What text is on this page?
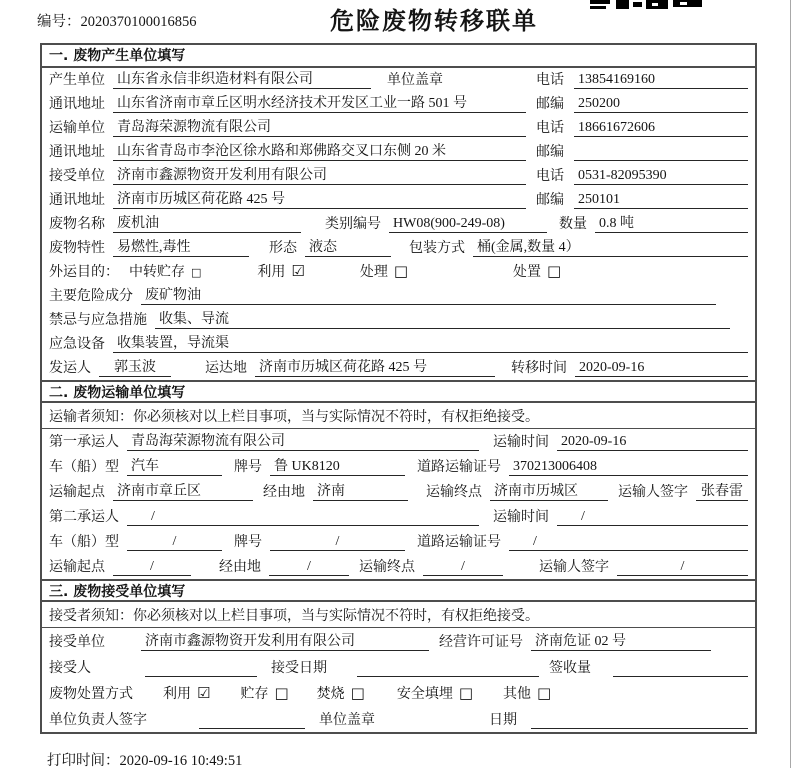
编号：2020370100016856	危险废物转移联单
一. 废物产生单位填写
产生单位 山东省永信非织造材料有限公司	单位盖章	电话 13854169160
通讯地址 山东省济南市章丘区明水经济技术开发区工业一路 501 号	邮编 250200
运输单位 青岛海荣源物流有限公司	电话 18661672606
通讯地址 山东省青岛市李沧区徐水路和郑佛路交叉口东侧 20 米	邮编
接受单位 济南市鑫源物资开发利用有限公司	电话 0531-82095390
通讯地址 济南市历城区荷花路 425 号	邮编 250101
废物名称 废机油	类别编号 HW08(900-249-08)	数量 0.8 吨
废物特性 易燃性,毒性	形态 液态	包装方式 桶(金属,数量 4）
外运目的： 中转贮存 □	利用 ☑	处理 □	处置 □
主要危险成分 废矿物油
禁忌与应急措施 收集、导流
应急设备 收集装置，导流渠
发运人	郭玉波	运达地 济南市历城区荷花路 425 号	转移时间 2020-09-16
二. 废物运输单位填写
运输者须知：你必须核对以上栏目事项，当与实际情况不符时，有权拒绝接受。
第一承运人 青岛海荣源物流有限公司	运输时间 2020-09-16
车（船）型 汽车	牌号 鲁 UK8120	道路运输证号 370213006408
运输起点 济南市章丘区	经由地 济南	运输终点 济南市历城区	运输人签字 张春雷
第二承运人	/	运输时间	/
车（船）型	/	牌号	/	道路运输证号	/
运输起点	/	经由地	/	运输终点	/	运输人签字	/
三. 废物接受单位填写
接受者须知：你必须核对以上栏目事项，当与实际情况不符时，有权拒绝接受。
接受单位	济南市鑫源物资开发利用有限公司	经营许可证号 济南危证 02 号
接受人	接受日期	签收量
废物处置方式 利用 ☑ 贮存 □ 焚烧 □ 安全填埋 □ 其他 □
单位负责人签字	单位盖章	日期
打印时间：2020-09-16 10:49:51
